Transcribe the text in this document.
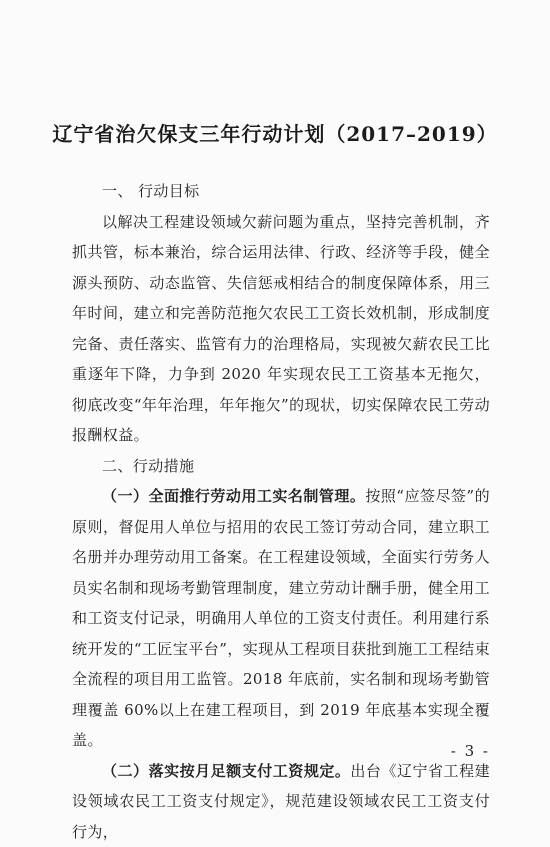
辽宁省治欠保支三年行动计划（2017–2019）

一、 行动目标

以解决工程建设领域欠薪问题为重点，坚持完善机制，齐抓共管，标本兼治，综合运用法律、行政、经济等手段，健全源头预防、动态监管、失信惩戒相结合的制度保障体系，用三年时间，建立和完善防范拖欠农民工工资长效机制，形成制度完备、责任落实、监管有力的治理格局，实现被欠薪农民工比重逐年下降，力争到 2020 年实现农民工工资基本无拖欠，彻底改变“年年治理，年年拖欠”的现状，切实保障农民工劳动报酬权益。

二、行动措施

（一）全面推行劳动用工实名制管理。按照“应签尽签”的原则，督促用人单位与招用的农民工签订劳动合同，建立职工名册并办理劳动用工备案。在工程建设领域，全面实行劳务人员实名制和现场考勤管理制度，建立劳动计酬手册，健全用工和工资支付记录，明确用人单位的工资支付责任。利用建行系统开发的“工匠宝平台”，实现从工程项目获批到施工工程结束全流程的项目用工监管。2018 年底前，实名制和现场考勤管理覆盖 60%以上在建工程项目，到 2019 年底基本实现全覆盖。

（二）落实按月足额支付工资规定。出台《辽宁省工程建设领域农民工工资支付规定》，规范建设领域农民工工资支付行为，

- 3 -
